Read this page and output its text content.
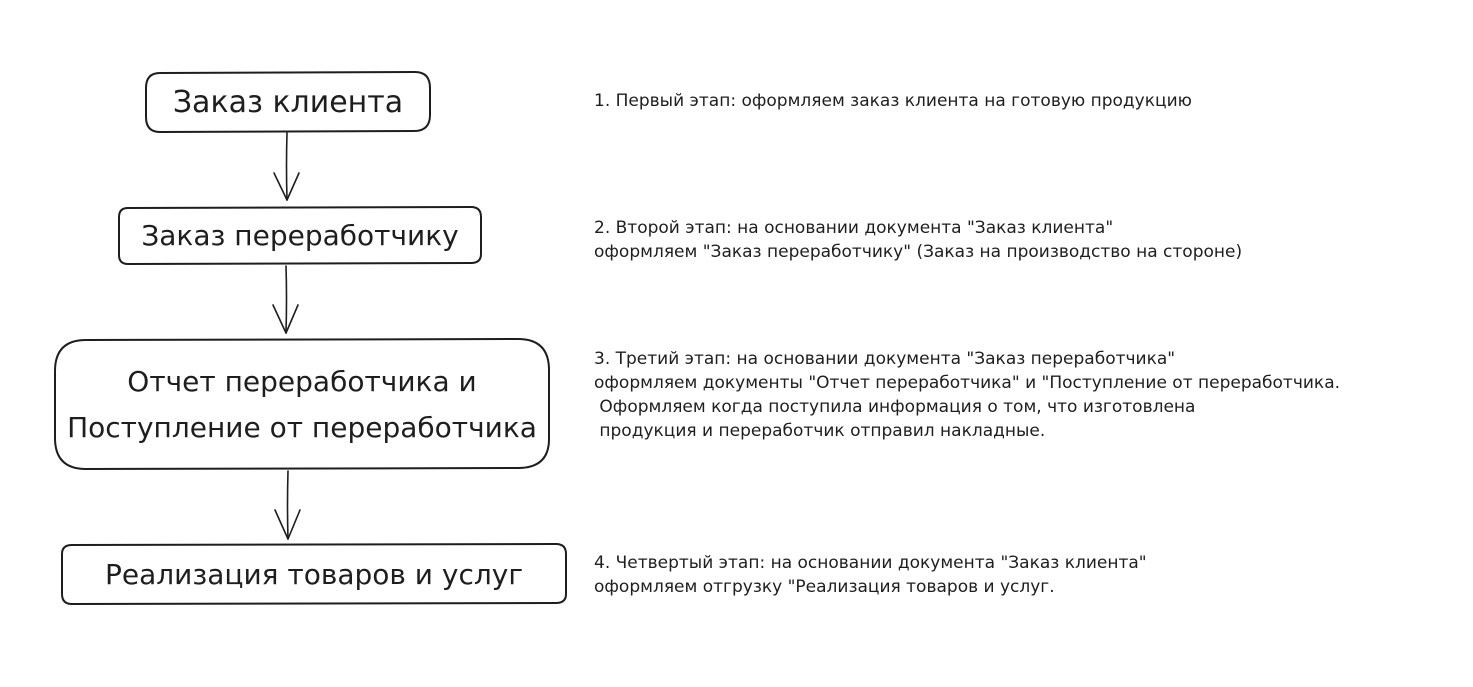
Заказ клиента
Заказ переработчику
Отчет переработчика и
Поступление от переработчика
Реализация товаров и услуг
1. Первый этап: оформляем заказ клиента на готовую продукцию
2. Второй этап: на основании документа "Заказ клиента"
оформляем "Заказ переработчику" (Заказ на производство на стороне)
3. Третий этап: на основании документа "Заказ переработчика"
оформляем документы "Отчет переработчика" и "Поступление от переработчика.
Оформляем когда поступила информация о том, что изготовлена
продукция и переработчик отправил накладные.
4. Четвертый этап: на основании документа "Заказ клиента"
оформляем отгрузку "Реализация товаров и услуг.
